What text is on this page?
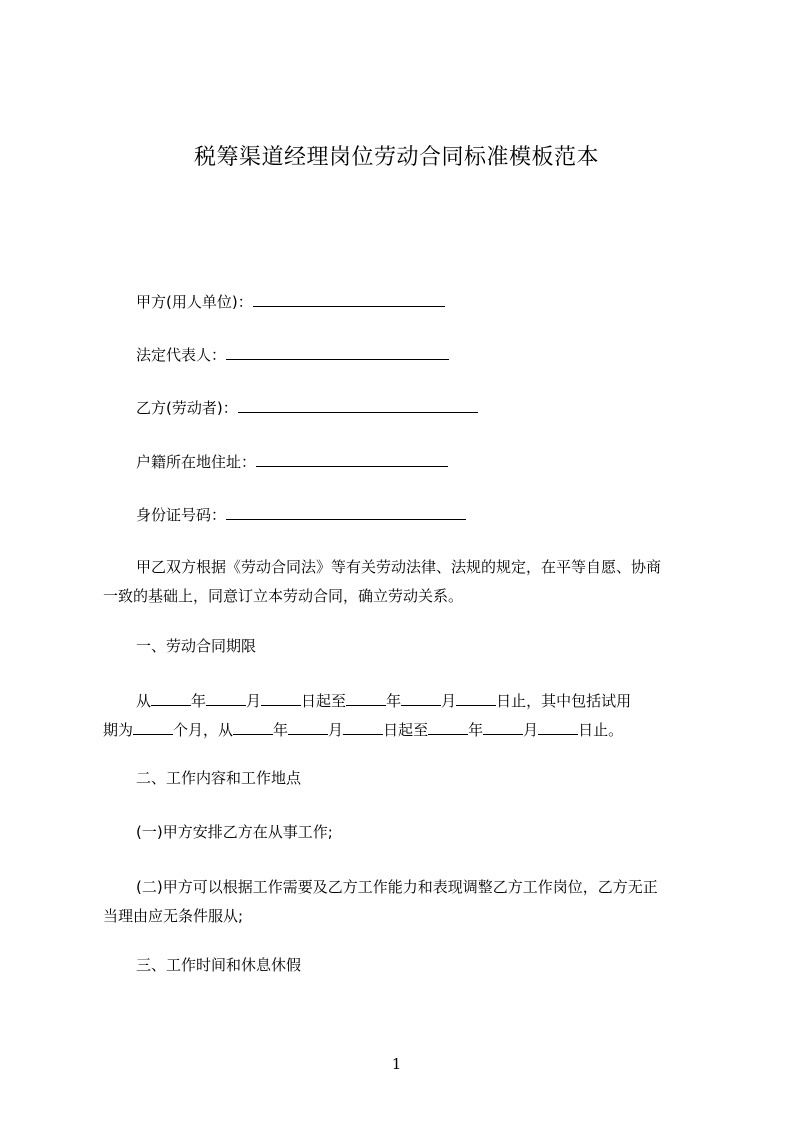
税筹渠道经理岗位劳动合同标准模板范本
甲方(用人单位)：
法定代表人：
乙方(劳动者)：
户籍所在地住址：
身份证号码：
甲乙双方根据《劳动合同法》等有关劳动法律、法规的规定，在平等自愿、协商
一致的基础上，同意订立本劳动合同，确立劳动关系。
一、劳动合同期限
从	年	月	日起至	年	月	日止，其中包括试用
期为	个月，从	年	月	日起至	年	月	日止。
二、工作内容和工作地点
(一)甲方安排乙方在从事工作;
(二)甲方可以根据工作需要及乙方工作能力和表现调整乙方工作岗位，乙方无正
当理由应无条件服从;
三、工作时间和休息休假
1
